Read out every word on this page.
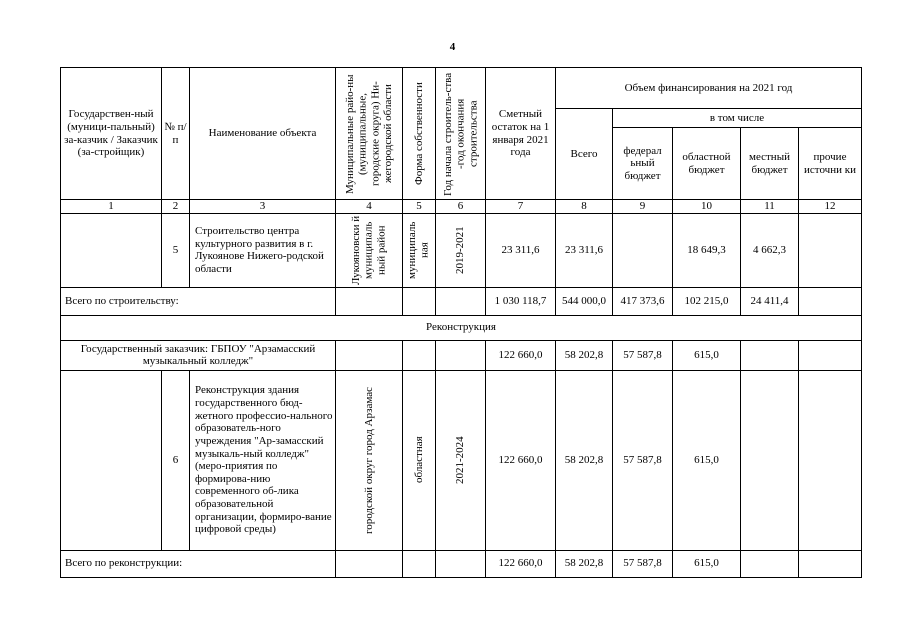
4
Государствен-ный (муници-пальный) за-казчик / Заказчик (за-стройщик)	№ п/п	Наименование объекта	Муниципальные райо-ны (муниципальные, городские округа) Ни-жегородской области	Форма собственности	Год начала строитель-ства -год окончания строительства	Сметный остаток на 1 января 2021 года	Объем финансирования на 2021 год				
							Всего	в том числе			
								федерал ьный бюджет	областной бюджет	местный бюджет	прочие источни ки
1	2	3	4	5	6	7	8	9	10	11	12
	5	Строительство центра культурного развития в г. Лукоянове Нижего-родской области	Лукояновски й муниципаль ный район	муниципаль ная	2019-2021	23 311,6	23 311,6		18 649,3	4 662,3	
Всего по строительству:						1 030 118,7	544 000,0	417 373,6	102 215,0	24 411,4	
Реконструкция											
Государственный заказчик: ГБПОУ "Арзамасский музыкальный колледж"						122 660,0	58 202,8	57 587,8	615,0		
	6	Реконструкция здания государственного бюд-жетного профессио-нального образователь-ного учреждения "Ар-замасский музыкаль-ный колледж" (меро-приятия по формирова-нию современного об-лика образовательной организации, формиро-вание цифровой среды)	городской округ город Арзамас	областная	2021-2024	122 660,0	58 202,8	57 587,8	615,0		
Всего по реконструкции:						122 660,0	58 202,8	57 587,8	615,0		
